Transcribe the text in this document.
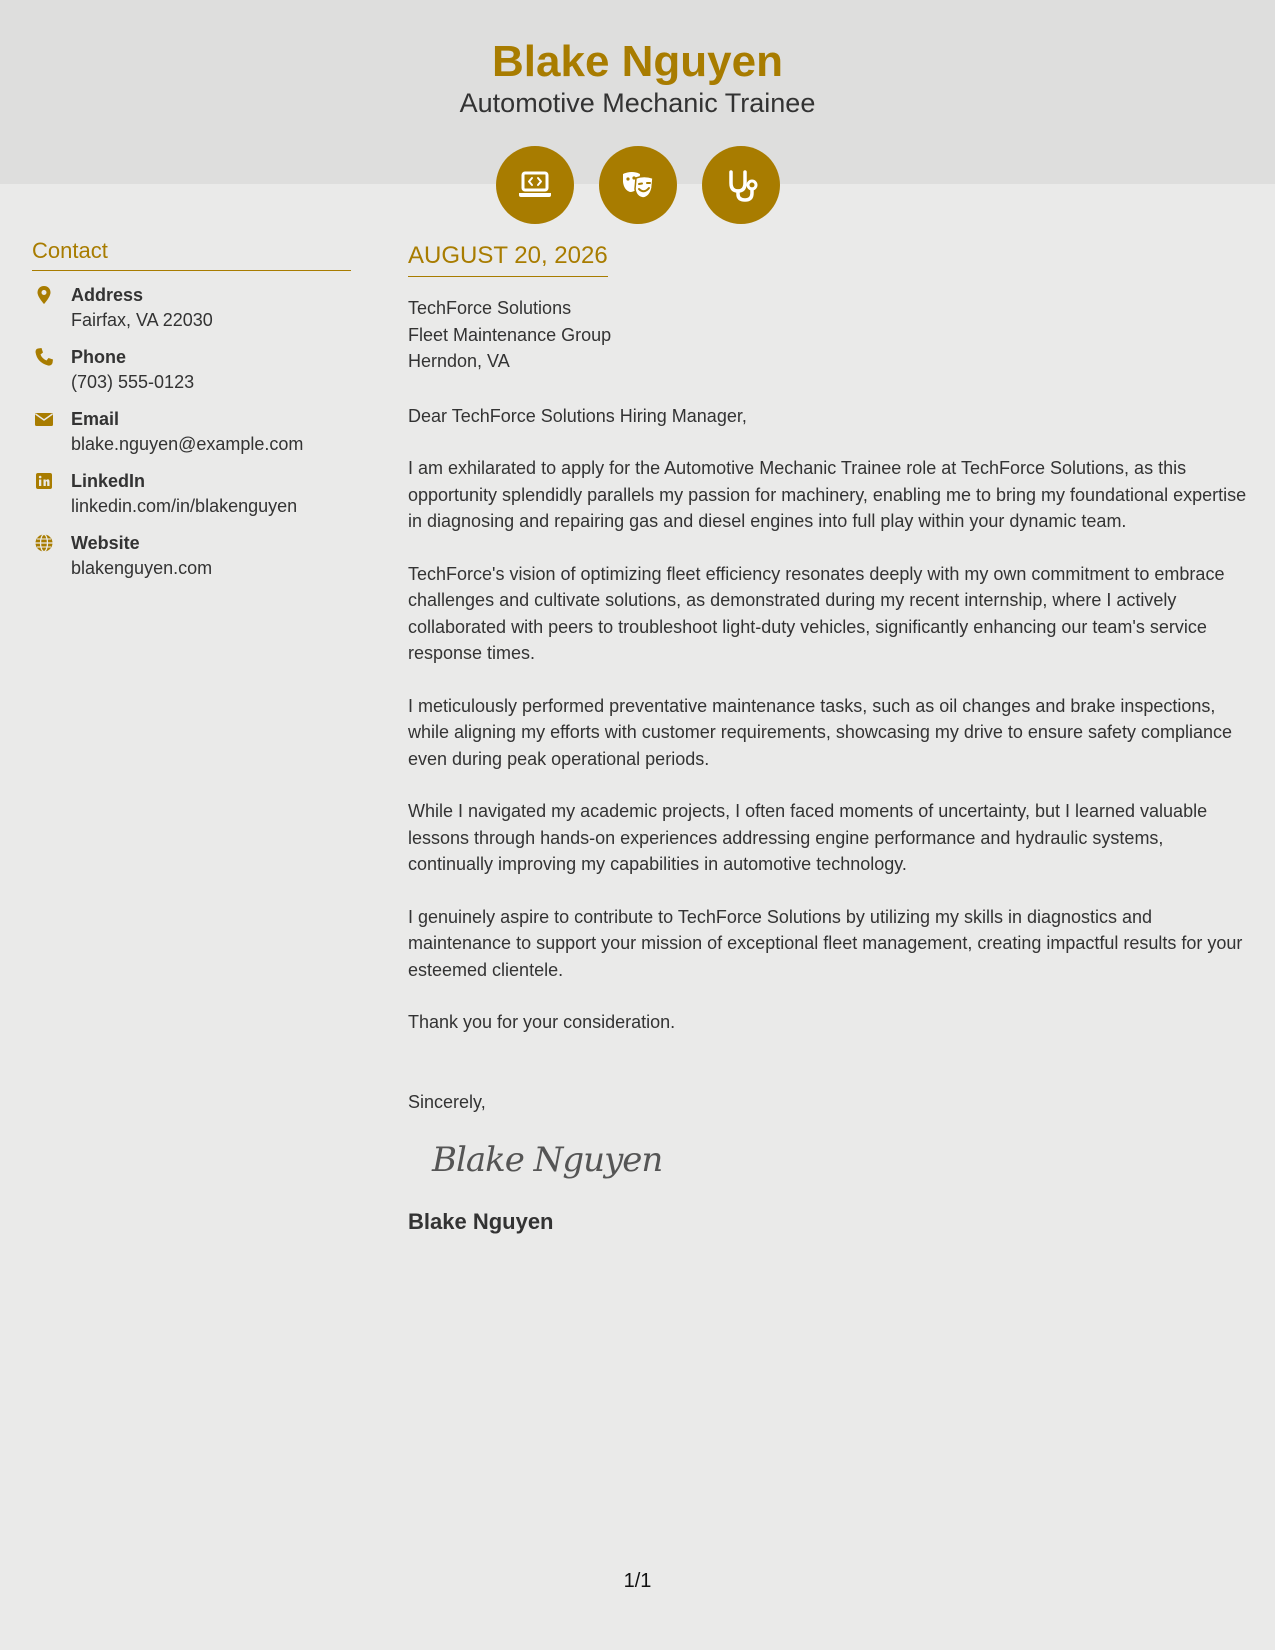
Blake Nguyen
Automotive Mechanic Trainee
Contact
Address
Fairfax, VA 22030
Phone
(703) 555-0123
Email
blake.nguyen@example.com
LinkedIn
linkedin.com/in/blakenguyen
Website
blakenguyen.com
AUGUST 20, 2026
TechForce Solutions
Fleet Maintenance Group
Herndon, VA
Dear TechForce Solutions Hiring Manager,
I am exhilarated to apply for the Automotive Mechanic Trainee role at TechForce Solutions, as this opportunity splendidly parallels my passion for machinery, enabling me to bring my foundational expertise in diagnosing and repairing gas and diesel engines into full play within your dynamic team.
TechForce's vision of optimizing fleet efficiency resonates deeply with my own commitment to embrace challenges and cultivate solutions, as demonstrated during my recent internship, where I actively collaborated with peers to troubleshoot light-duty vehicles, significantly enhancing our team's service response times.
I meticulously performed preventative maintenance tasks, such as oil changes and brake inspections, while aligning my efforts with customer requirements, showcasing my drive to ensure safety compliance even during peak operational periods.
While I navigated my academic projects, I often faced moments of uncertainty, but I learned valuable lessons through hands-on experiences addressing engine performance and hydraulic systems, continually improving my capabilities in automotive technology.
I genuinely aspire to contribute to TechForce Solutions by utilizing my skills in diagnostics and maintenance to support your mission of exceptional fleet management, creating impactful results for your esteemed clientele.
Thank you for your consideration.
Sincerely,
Blake Nguyen
Blake Nguyen
1/1
